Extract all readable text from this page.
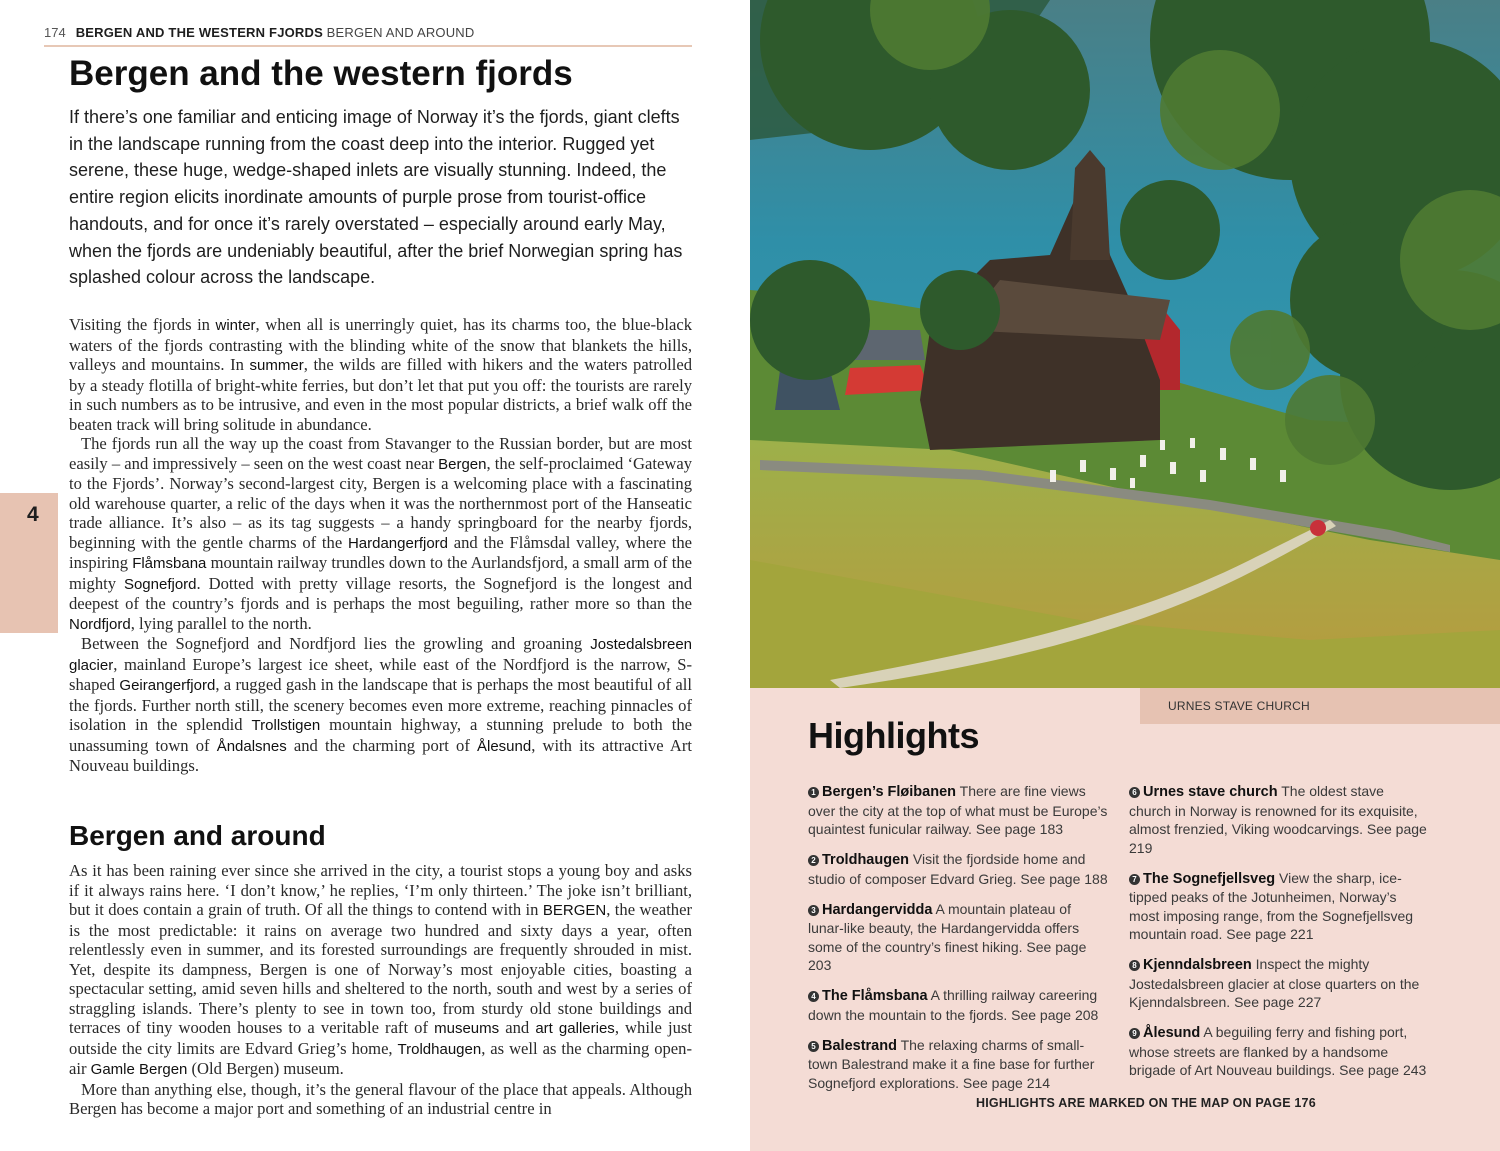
174 BERGEN AND THE WESTERN FJORDS BERGEN AND AROUND
4
Bergen and the western fjords

If there’s one familiar and enticing image of Norway it’s the fjords, giant clefts in the landscape running from the coast deep into the interior. Rugged yet serene, these huge, wedge-shaped inlets are visually stunning. Indeed, the entire region elicits inordinate amounts of purple prose from tourist-office handouts, and for once it’s rarely overstated – especially around early May, when the fjords are undeniably beautiful, after the brief Norwegian spring has splashed colour across the landscape.

Visiting the fjords in winter, when all is unerringly quiet, has its charms too, the blue-black waters of the fjords contrasting with the blinding white of the snow that blankets the hills, valleys and mountains. In summer, the wilds are filled with hikers and the waters patrolled by a steady flotilla of bright-white ferries, but don’t let that put you off: the tourists are rarely in such numbers as to be intrusive, and even in the most popular districts, a brief walk off the beaten track will bring solitude in abundance.

The fjords run all the way up the coast from Stavanger to the Russian border, but are most easily – and impressively – seen on the west coast near Bergen, the self-proclaimed ‘Gateway to the Fjords’. Norway’s second-largest city, Bergen is a welcoming place with a fascinating old warehouse quarter, a relic of the days when it was the northernmost port of the Hanseatic trade alliance. It’s also – as its tag suggests – a handy springboard for the nearby fjords, beginning with the gentle charms of the Hardangerfjord and the Flåmsdal valley, where the inspiring Flåmsbana mountain railway trundles down to the Aurlandsfjord, a small arm of the mighty Sognefjord. Dotted with pretty village resorts, the Sognefjord is the longest and deepest of the country’s fjords and is perhaps the most beguiling, rather more so than the Nordfjord, lying parallel to the north.

Between the Sognefjord and Nordfjord lies the growling and groaning Jostedalsbreen glacier, mainland Europe’s largest ice sheet, while east of the Nordfjord is the narrow, S-shaped Geirangerfjord, a rugged gash in the landscape that is perhaps the most beautiful of all the fjords. Further north still, the scenery becomes even more extreme, reaching pinnacles of isolation in the splendid Trollstigen mountain highway, a stunning prelude to both the unassuming town of Åndalsnes and the charming port of Ålesund, with its attractive Art Nouveau buildings.

Bergen and around

As it has been raining ever since she arrived in the city, a tourist stops a young boy and asks if it always rains here. ‘I don’t know,’ he replies, ‘I’m only thirteen.’ The joke isn’t brilliant, but it does contain a grain of truth. Of all the things to contend with in BERGEN, the weather is the most predictable: it rains on average two hundred and sixty days a year, often relentlessly even in summer, and its forested surroundings are frequently shrouded in mist. Yet, despite its dampness, Bergen is one of Norway’s most enjoyable cities, boasting a spectacular setting, amid seven hills and sheltered to the north, south and west by a series of straggling islands. There’s plenty to see in town too, from sturdy old stone buildings and terraces of tiny wooden houses to a veritable raft of museums and art galleries, while just outside the city limits are Edvard Grieg’s home, Troldhaugen, as well as the charming open-air Gamle Bergen (Old Bergen) museum.

More than anything else, though, it’s the general flavour of the place that appeals. Although Bergen has become a major port and something of an industrial centre in

URNES STAVE CHURCH
Highlights
1 Bergen’s Fløibanen There are fine views over the city at the top of what must be Europe’s quaintest funicular railway. See page 183
2 Troldhaugen Visit the fjordside home and studio of composer Edvard Grieg. See page 188
3 Hardangervidda A mountain plateau of lunar-like beauty, the Hardangervidda offers some of the country’s finest hiking. See page 203
4 The Flåmsbana A thrilling railway careering down the mountain to the fjords. See page 208
5 Balestrand The relaxing charms of small-town Balestrand make it a fine base for further Sognefjord explorations. See page 214
6 Urnes stave church The oldest stave church in Norway is renowned for its exquisite, almost frenzied, Viking woodcarvings. See page 219
7 The Sognefjellsveg View the sharp, ice-tipped peaks of the Jotunheimen, Norway’s most imposing range, from the Sognefjellsveg mountain road. See page 221
8 Kjenndalsbreen Inspect the mighty Jostedalsbreen glacier at close quarters on the Kjenndalsbreen. See page 227
9 Ålesund A beguiling ferry and fishing port, whose streets are flanked by a handsome brigade of Art Nouveau buildings. See page 243
HIGHLIGHTS ARE MARKED ON THE MAP ON PAGE 176
